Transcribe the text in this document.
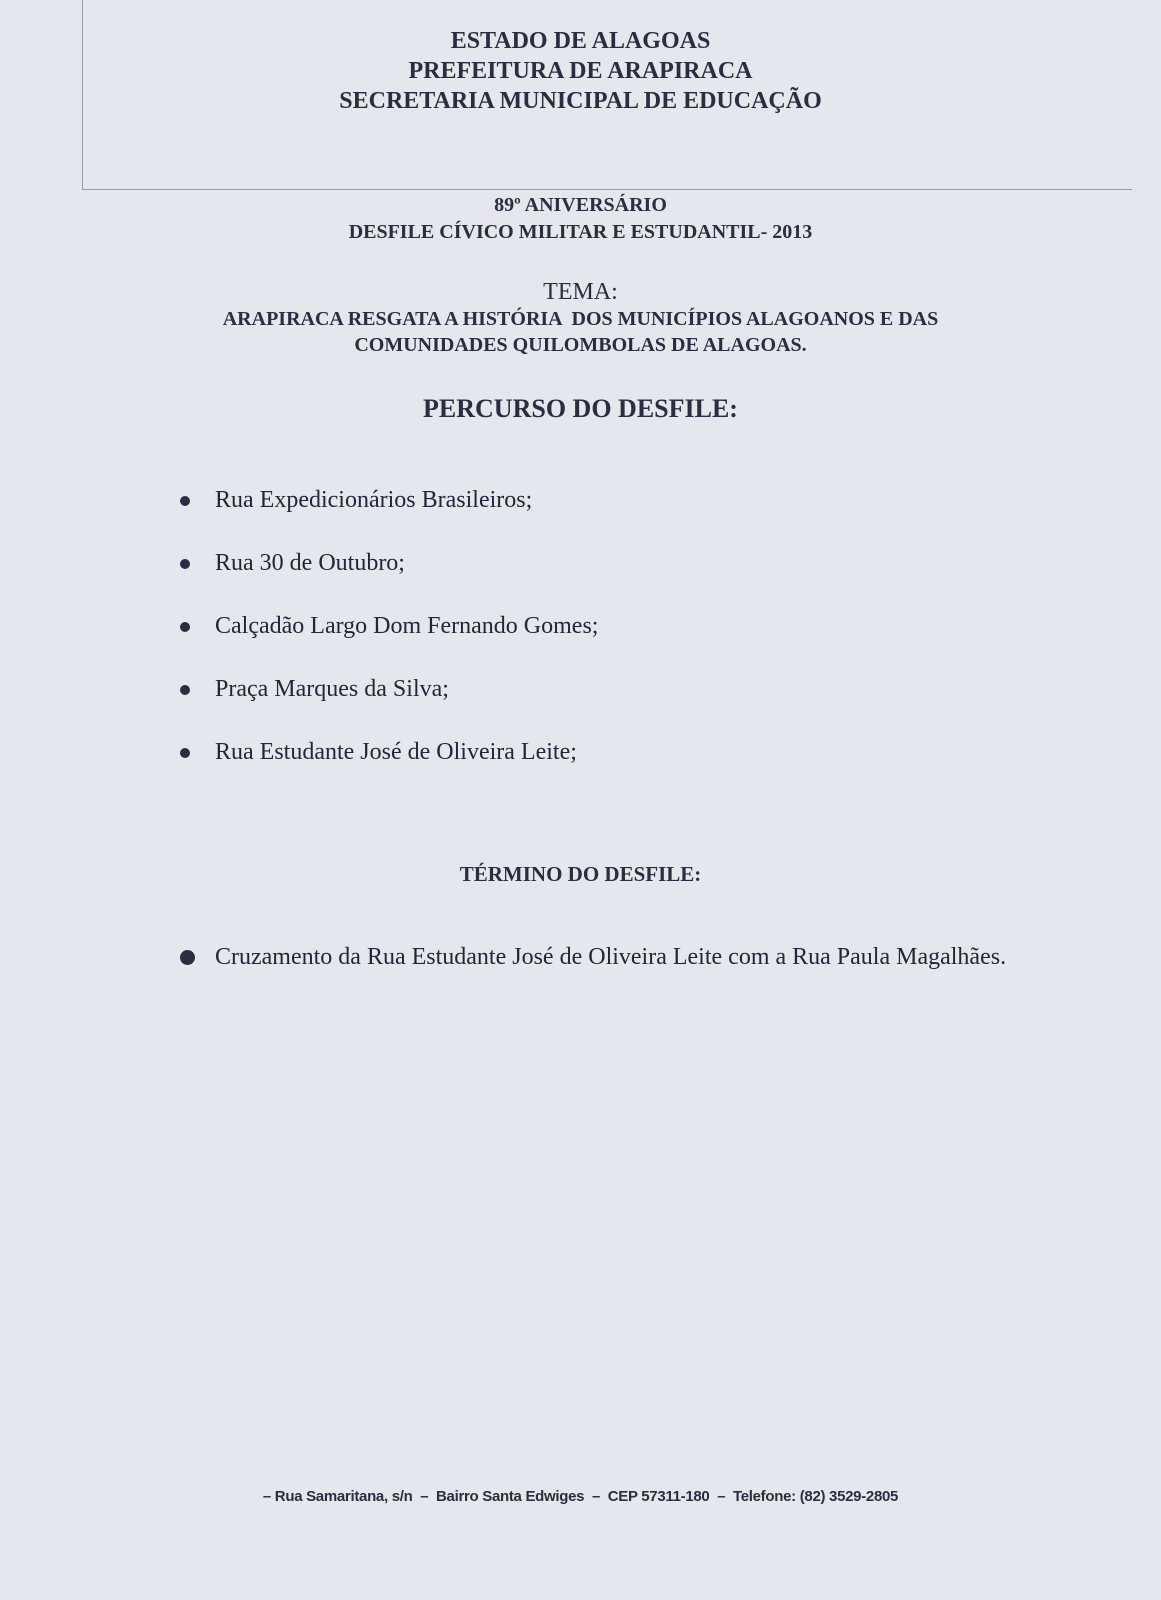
ESTADO DE ALAGOAS
PREFEITURA DE ARAPIRACA
SECRETARIA MUNICIPAL DE EDUCAÇÃO
89º ANIVERSÁRIO
DESFILE CÍVICO MILITAR E ESTUDANTIL- 2013
TEMA:
ARAPIRACA RESGATA A HISTÓRIA  DOS MUNICÍPIOS ALAGOANOS E DAS
COMUNIDADES QUILOMBOLAS DE ALAGOAS.
PERCURSO DO DESFILE:
Rua Expedicionários Brasileiros;
Rua 30 de Outubro;
Calçadão Largo Dom Fernando Gomes;
Praça Marques da Silva;
Rua Estudante José de Oliveira Leite;
TÉRMINO DO DESFILE:
Cruzamento da Rua Estudante José de Oliveira Leite com a Rua Paula Magalhães.
– Rua Samaritana, s/n  –  Bairro Santa Edwiges  –  CEP 57311-180  –  Telefone: (82) 3529-2805
